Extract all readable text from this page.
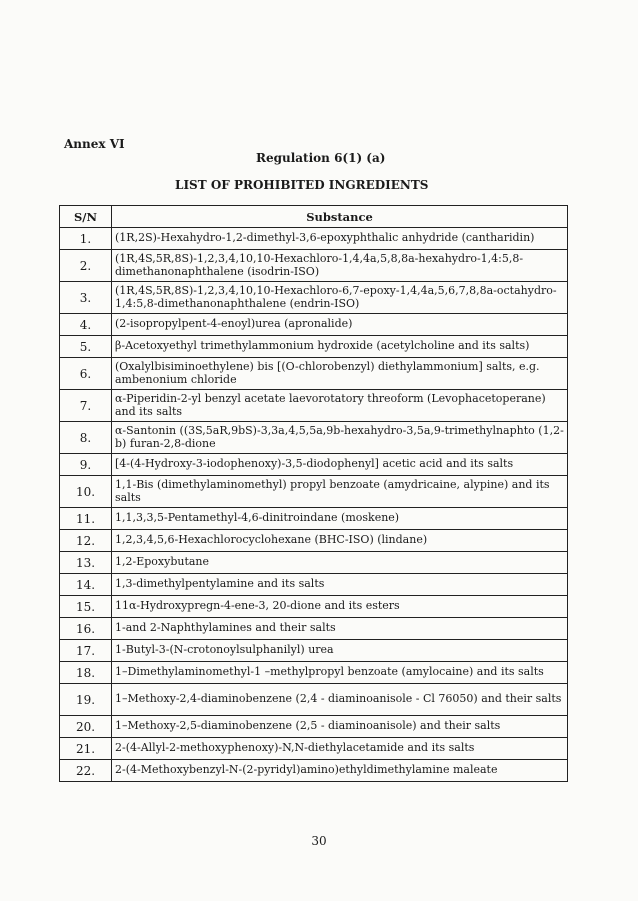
Annex VI
Regulation 6(1) (a)
LIST OF PROHIBITED INGREDIENTS
S/N	Substance
1.	(1R,2S)-Hexahydro-1,2-dimethyl-3,6-epoxyphthalic anhydride (cantharidin)
2.	(1R,4S,5R,8S)-1,2,3,4,10,10-Hexachloro-1,4,4a,5,8,8a-hexahydro-1,4:5,8-dimethanonaphthalene (isodrin-ISO)
3.	(1R,4S,5R,8S)-1,2,3,4,10,10-Hexachloro-6,7-epoxy-1,4,4a,5,6,7,8,8a-octahydro-1,4:5,8-dimethanonaphthalene (endrin-ISO)
4.	(2-isopropylpent-4-enoyl)urea (apronalide)
5.	β-Acetoxyethyl trimethylammonium hydroxide (acetylcholine and its salts)
6.	(Oxalylbisiminoethylene) bis [(O-chlorobenzyl) diethylammonium] salts, e.g. ambenonium chloride
7.	α-Piperidin-2-yl benzyl acetate laevorotatory threoform (Levophacetoperane) and its salts
8.	α-Santonin ((3S,5aR,9bS)-3,3a,4,5,5a,9b-hexahydro-3,5a,9-trimethylnaphto (1,2-b) furan-2,8-dione
9.	[4-(4-Hydroxy-3-iodophenoxy)-3,5-diodophenyl] acetic acid and its salts
10.	1,1-Bis (dimethylaminomethyl) propyl benzoate (amydricaine, alypine) and its salts
11.	1,1,3,3,5-Pentamethyl-4,6-dinitroindane (moskene)
12.	1,2,3,4,5,6-Hexachlorocyclohexane (BHC-ISO) (lindane)
13.	1,2-Epoxybutane
14.	1,3-dimethylpentylamine and its salts
15.	11α-Hydroxypregn-4-ene-3, 20-dione and its esters
16.	1-and 2-Naphthylamines and their salts
17.	1-Butyl-3-(N-crotonoylsulphanilyl) urea
18.	1–Dimethylaminomethyl-1 –methylpropyl benzoate (amylocaine) and its salts
19.	1–Methoxy-2,4-diaminobenzene (2,4 - diaminoanisole - Cl 76050) and their salts
20.	1–Methoxy-2,5-diaminobenzene (2,5 - diaminoanisole) and their salts
21.	2-(4-Allyl-2-methoxyphenoxy)-N,N-diethylacetamide and its salts
22.	2-(4-Methoxybenzyl-N-(2-pyridyl)amino)ethyldimethylamine maleate
30
